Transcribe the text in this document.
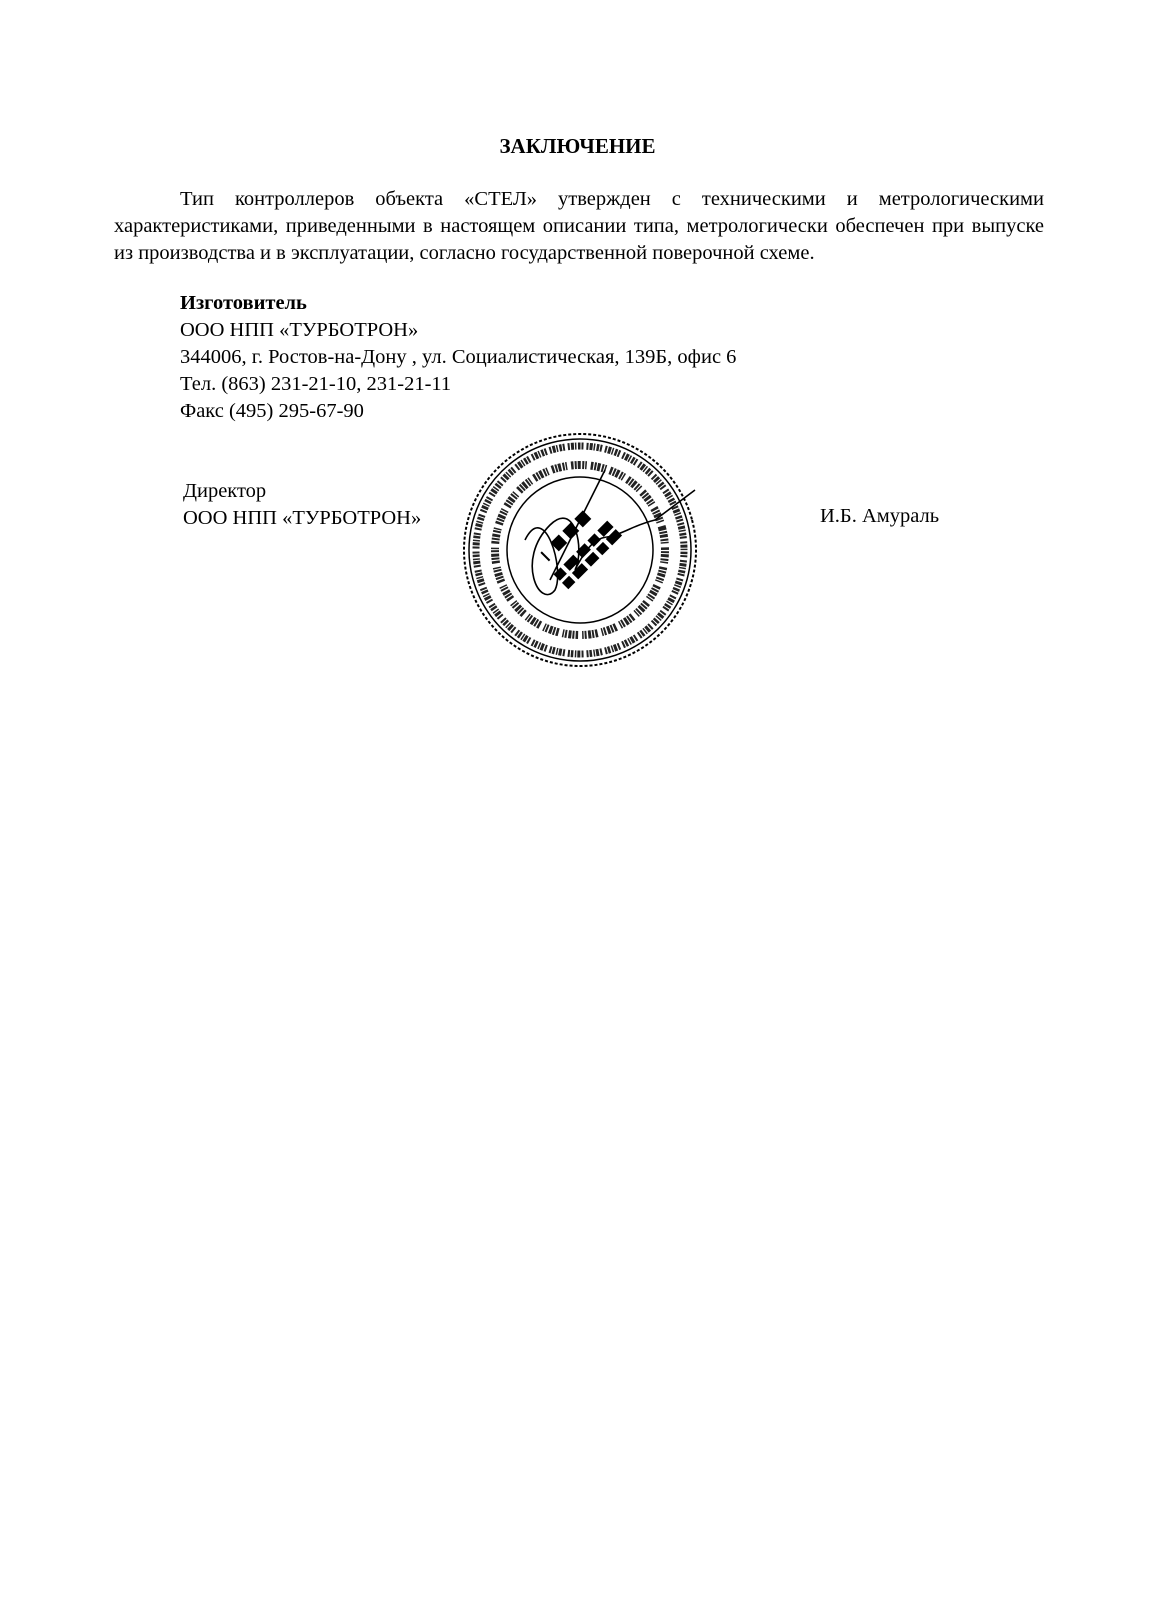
ЗАКЛЮЧЕНИЕ
Тип контроллеров объекта «СТЕЛ» утвержден с техническими и метрологическими характеристиками, приведенными в настоящем описании типа, метрологически обеспечен при выпуске из производства и в эксплуатации, согласно государственной поверочной схеме.
Изготовитель
ООО НПП «ТУРБОТРОН»
344006, г. Ростов-на-Дону , ул. Социалистическая, 139Б, офис 6
Тел. (863) 231-21-10, 231-21-11
Факс (495) 295-67-90
Директор
ООО НПП «ТУРБОТРОН»	И.Б. Амураль
